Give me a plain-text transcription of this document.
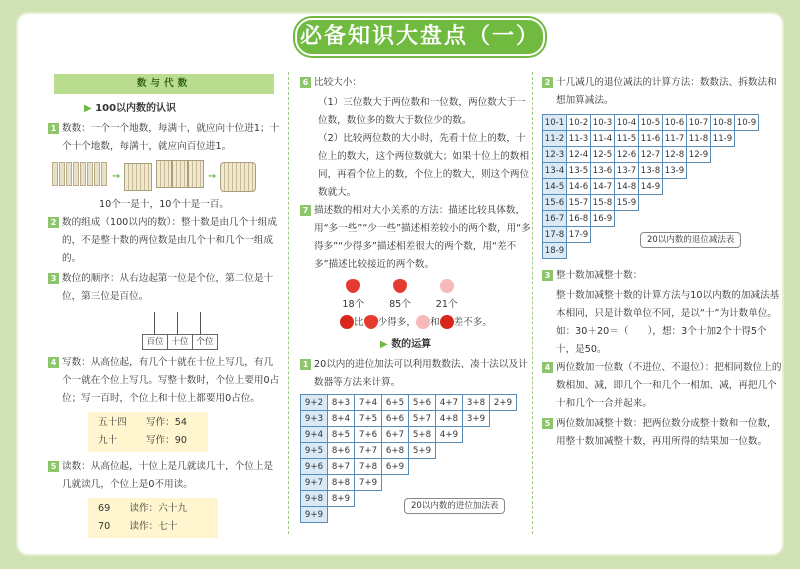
必备知识大盘点（一）
数与代数
▶ 100以内数的认识
1 数数：一个一个地数，每满十，就应向十位进1；十个十个地数，每满十，就应向百位进1。
→	→
10个一是十，10个十是一百。
2 数的组成（100以内的数）：整十数是由几个十组成的，不是整十数的两位数是由几个十和几个一组成的。
3 数位的顺序：从右边起第一位是个位，第二位是十位，第三位是百位。
百位 十位 个位
4 写数：从高位起，有几个十就在十位上写几，有几个一就在个位上写几。写整十数时，个位上要用0占位；写一百时，个位上和十位上都要用0占位。
五十四　　 写作：54
九十　　　	写作：90
5 读数：从高位起，十位上是几就读几十，个位上是几就读几，个位上是0不用读。
69　　 读作：六十九
70　　 读作：七十
6 比较大小：
（1）三位数大于两位数和一位数，两位数大于一位数，数位多的数大于数位少的数。
（2）比较两位数的大小时，先看十位上的数，十位上的数大，这个两位数就大；如果十位上的数相同，再看个位上的数，个位上的数大，则这个两位数就大。
7 描述数的相对大小关系的方法：描述比较具体数，用“多一些”“少一些”描述相差较小的两个数，用“多得多”“少得多”描述相差很大的两个数，用“差不多”描述比较接近的两个数。
18个	85个	21个
比 少得多， 和 差不多。
▶ 数的运算
1 20以内的进位加法可以利用数数法、凑十法以及计数器等方法来计算。
9+2	8+3	7+4	6+5	5+6	4+7	3+8	2+9
9+3	8+4	7+5	6+6	5+7	4+8	3+9	
9+4	8+5	7+6	6+7	5+8	4+9		
9+5	8+6	7+7	6+8	5+9			
9+6	8+7	7+8	6+9				
9+7	8+8	7+9					
9+8	8+9						
9+9							
20以内数的进位加法表
2 十几减几的退位减法的计算方法：数数法、拆数法和想加算减法。
10-1	10-2	10-3	10-4	10-5	10-6	10-7	10-8	10-9
11-2	11-3	11-4	11-5	11-6	11-7	11-8	11-9	
12-3	12-4	12-5	12-6	12-7	12-8	12-9		
13-4	13-5	13-6	13-7	13-8	13-9			
14-5	14-6	14-7	14-8	14-9				
15-6	15-7	15-8	15-9					
16-7	16-8	16-9						
17-8	17-9							
18-9								
20以内数的退位减法表
3 整十数加减整十数：
整十数加减整十数的计算方法与10以内数的加减法基本相同，只是计数单位不同，是以“十”为计数单位。
如：30＋20＝（　　），想：3个十加2个十得5个十，是50。
4 两位数加一位数（不进位、不退位）：把相同数位上的数相加、减，即几个一和几个一相加、减，再把几个十和几个一合并起来。
5 两位数加减整十数：把两位数分成整十数和一位数，用整十数加减整十数，再用所得的结果加一位数。
